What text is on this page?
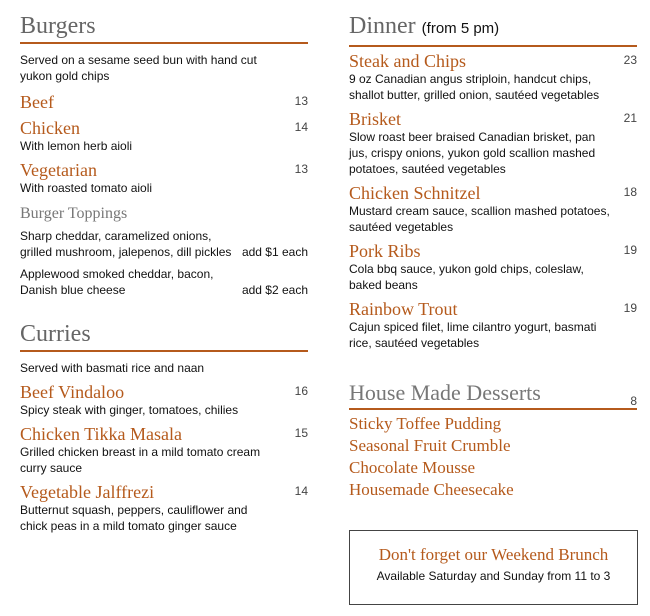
Burgers
Served on a sesame seed bun with hand cut yukon gold chips
Beef	13
Chicken	14
With lemon herb aioli
Vegetarian	13
With roasted tomato aioli
Burger Toppings
Sharp cheddar, caramelized onions, grilled mushroom, jalepenos, dill pickles add $1 each
Applewood smoked cheddar, bacon, Danish blue cheese	add $2 each
Curries
Served with basmati rice and naan
Beef Vindaloo	16
Spicy steak with ginger, tomatoes, chilies
Chicken Tikka Masala	15
Grilled chicken breast in a mild tomato cream curry sauce
Vegetable Jalffrezi	14
Butternut squash, peppers, cauliflower and chick peas in a mild tomato ginger sauce
Dinner (from 5 pm)
Steak and Chips	23
9 oz Canadian angus striploin, handcut chips, shallot butter, grilled onion, sautéed vegetables
Brisket	21
Slow roast beer braised Canadian brisket, pan jus, crispy onions, yukon gold scallion mashed potatoes, sautéed vegetables
Chicken Schnitzel	18
Mustard cream sauce, scallion mashed potatoes, sautéed vegetables
Pork Ribs	19
Cola bbq sauce, yukon gold chips, coleslaw, baked beans
Rainbow Trout	19
Cajun spiced filet, lime cilantro yogurt, basmati rice, sautéed vegetables
House Made Desserts	8
Sticky Toffee Pudding
Seasonal Fruit Crumble
Chocolate Mousse
Housemade Cheesecake
Don't forget our Weekend Brunch
Available Saturday and Sunday from 11 to 3
